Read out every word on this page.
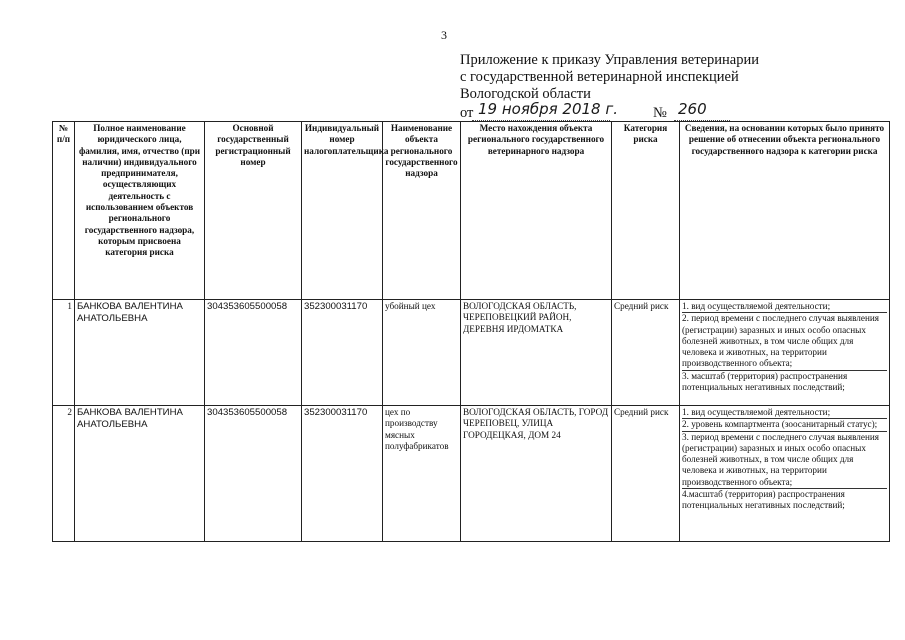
3
Приложение к приказу Управления ветеринарии
с государственной ветеринарной инспекцией
Вологодской области
от 19 ноября 2018 г. № 260
№ п/п	Полное наименование юридического лица, фамилия, имя, отчество (при наличии) индивидуального предпринимателя, осуществляющих деятельность с использованием объектов регионального государственного надзора, которым присвоена категория риска	Основной государственный регистрационный номер	Индивидуальный номер налогоплательщика	Наименование объекта регионального государственного надзора	Место нахождения объекта регионального государственного ветеринарного надзора	Категория риска	Сведения, на основании которых было принято решение об отнесении объекта регионального государственного надзора к категории риска
1	БАНКОВА ВАЛЕНТИНА АНАТОЛЬЕВНА	304353605500058	352300031170	убойный цех	ВОЛОГОДСКАЯ ОБЛАСТЬ, ЧЕРЕПОВЕЦКИЙ РАЙОН, ДЕРЕВНЯ ИРДОМАТКА	Средний риск	1. вид осуществляемой деятельности;
2. период времени с последнего случая выявления (регистрации) заразных и иных особо опасных болезней животных, в том числе общих для человека и животных, на территории производственного объекта;
3. масштаб (территория) распространения потенциальных негативных последствий;

2	БАНКОВА ВАЛЕНТИНА АНАТОЛЬЕВНА	304353605500058	352300031170	цех по производству мясных полуфабрикатов	ВОЛОГОДСКАЯ ОБЛАСТЬ, ГОРОД ЧЕРЕПОВЕЦ, УЛИЦА ГОРОДЕЦКАЯ, ДОМ 24	Средний риск	1. вид осуществляемой деятельности;
2. уровень компартмента (зоосанитарный статус);
3. период времени с последнего случая выявления (регистрации) заразных и иных особо опасных болезней животных, в том числе общих для человека и животных, на территории производственного объекта;
4.масштаб (территория) распространения потенциальных негативных последствий;
